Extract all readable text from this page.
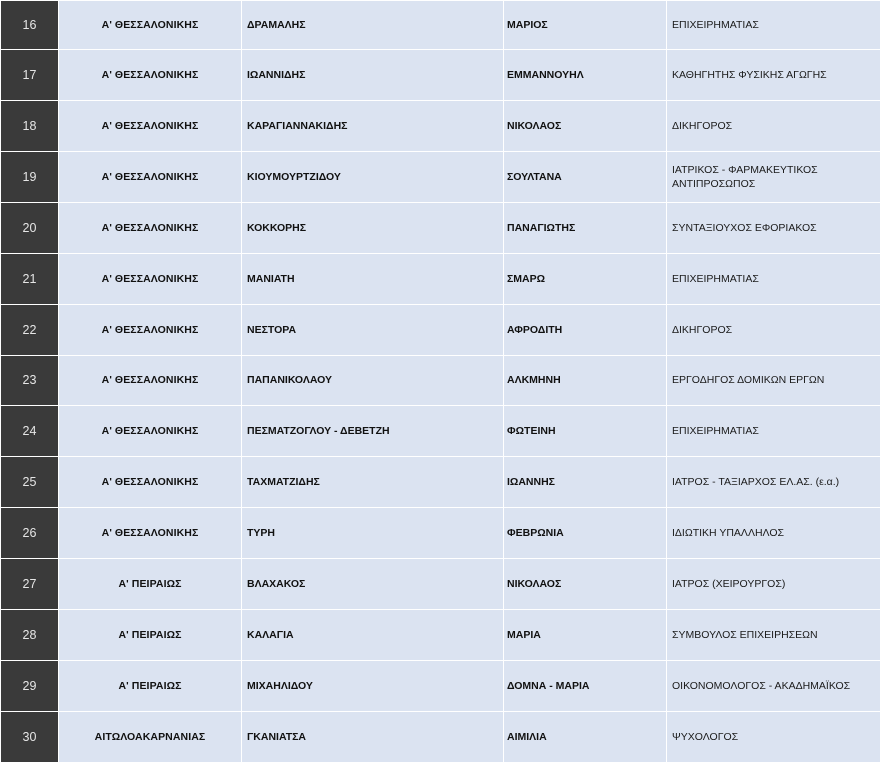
16	Α' ΘΕΣΣΑΛΟΝΙΚΗΣ	ΔΡΑΜΑΛΗΣ	ΜΑΡΙΟΣ	ΕΠΙΧΕΙΡΗΜΑΤΙΑΣ
17	Α' ΘΕΣΣΑΛΟΝΙΚΗΣ	ΙΩΑΝΝΙΔΗΣ	ΕΜΜΑΝΝΟΥΗΛ	ΚΑΘΗΓΗΤΗΣ ΦΥΣΙΚΗΣ ΑΓΩΓΗΣ
18	Α' ΘΕΣΣΑΛΟΝΙΚΗΣ	ΚΑΡΑΓΙΑΝΝΑΚΙΔΗΣ	ΝΙΚΟΛΑΟΣ	ΔΙΚΗΓΟΡΟΣ
19	Α' ΘΕΣΣΑΛΟΝΙΚΗΣ	ΚΙΟΥΜΟΥΡΤΖΙΔΟΥ	ΣΟΥΛΤΑΝΑ	ΙΑΤΡΙΚΟΣ - ΦΑΡΜΑΚΕΥΤΙΚΟΣ ΑΝΤΙΠΡΟΣΩΠΟΣ
20	Α' ΘΕΣΣΑΛΟΝΙΚΗΣ	ΚΟΚΚΟΡΗΣ	ΠΑΝΑΓΙΩΤΗΣ	ΣΥΝΤΑΞΙΟΥΧΟΣ ΕΦΟΡΙΑΚΟΣ
21	Α' ΘΕΣΣΑΛΟΝΙΚΗΣ	ΜΑΝΙΑΤΗ	ΣΜΑΡΩ	ΕΠΙΧΕΙΡΗΜΑΤΙΑΣ
22	Α' ΘΕΣΣΑΛΟΝΙΚΗΣ	ΝΕΣΤΟΡΑ	ΑΦΡΟΔΙΤΗ	ΔΙΚΗΓΟΡΟΣ
23	Α' ΘΕΣΣΑΛΟΝΙΚΗΣ	ΠΑΠΑΝΙΚΟΛΑΟΥ	ΑΛΚΜΗΝΗ	ΕΡΓΟΔΗΓΟΣ ΔΟΜΙΚΩΝ ΕΡΓΩΝ
24	Α' ΘΕΣΣΑΛΟΝΙΚΗΣ	ΠΕΣΜΑΤΖΟΓΛΟΥ - ΔΕΒΕΤΖΗ	ΦΩΤΕΙΝΗ	ΕΠΙΧΕΙΡΗΜΑΤΙΑΣ
25	Α' ΘΕΣΣΑΛΟΝΙΚΗΣ	ΤΑΧΜΑΤΖΙΔΗΣ	ΙΩΑΝΝΗΣ	ΙΑΤΡΟΣ - ΤΑΞΙΑΡΧΟΣ ΕΛ.ΑΣ. (ε.α.)
26	Α' ΘΕΣΣΑΛΟΝΙΚΗΣ	ΤΥΡΗ	ΦΕΒΡΩΝΙΑ	ΙΔΙΩΤΙΚΗ ΥΠΑΛΛΗΛΟΣ
27	Α' ΠΕΙΡΑΙΩΣ	ΒΛΑΧΑΚΟΣ	ΝΙΚΟΛΑΟΣ	ΙΑΤΡΟΣ (ΧΕΙΡΟΥΡΓΟΣ)
28	Α' ΠΕΙΡΑΙΩΣ	ΚΑΛΑΓΙΑ	ΜΑΡΙΑ	ΣΥΜΒΟΥΛΟΣ ΕΠΙΧΕΙΡΗΣΕΩΝ
29	Α' ΠΕΙΡΑΙΩΣ	ΜΙΧΑΗΛΙΔΟΥ	ΔΟΜΝΑ - ΜΑΡΙΑ	ΟΙΚΟΝΟΜΟΛΟΓΟΣ - ΑΚΑΔΗΜΑΪΚΟΣ
30	ΑΙΤΩΛΟΑΚΑΡΝΑΝΙΑΣ	ΓΚΑΝΙΑΤΣΑ	ΑΙΜΙΛΙΑ	ΨΥΧΟΛΟΓΟΣ
